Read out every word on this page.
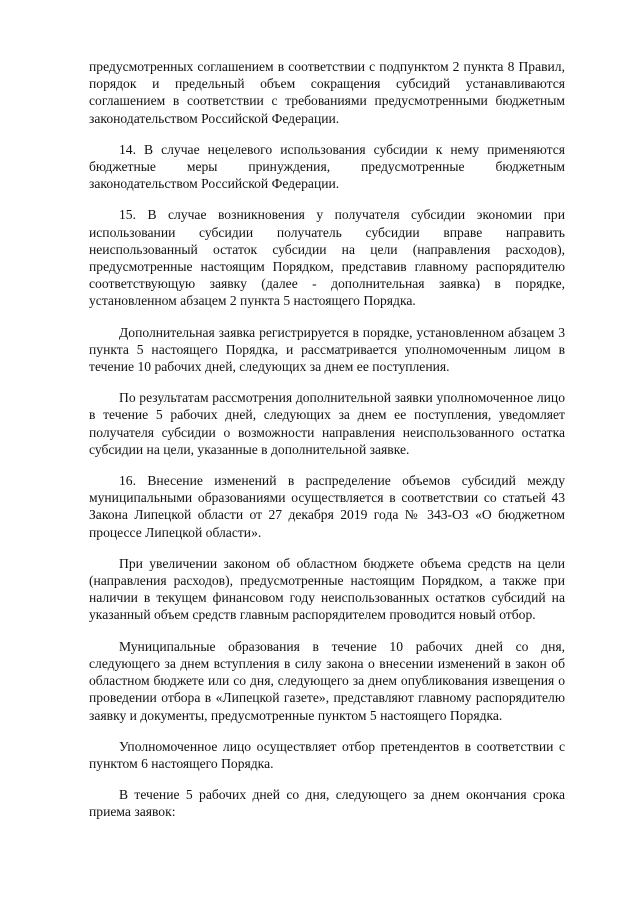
предусмотренных соглашением в соответствии с подпунктом 2 пункта 8 Правил, порядок и предельный объем сокращения субсидий устанавливаются соглашением в соответствии с требованиями предусмотренными бюджетным законодательством Российской Федерации.

14. В случае нецелевого использования субсидии к нему применяются бюджетные меры принуждения, предусмотренные бюджетным законодательством Российской Федерации.

15. В случае возникновения у получателя субсидии экономии при использовании субсидии получатель субсидии вправе направить неиспользованный остаток субсидии на цели (направления расходов), предусмотренные настоящим Порядком, представив главному распорядителю соответствующую заявку (далее - дополнительная заявка) в порядке, установленном абзацем 2 пункта 5 настоящего Порядка.

Дополнительная заявка регистрируется в порядке, установленном абзацем 3 пункта 5 настоящего Порядка, и рассматривается уполномоченным лицом в течение 10 рабочих дней, следующих за днем ее поступления.

По результатам рассмотрения дополнительной заявки уполномоченное лицо в течение 5 рабочих дней, следующих за днем ее поступления, уведомляет получателя субсидии о возможности направления неиспользованного остатка субсидии на цели, указанные в дополнительной заявке.

16. Внесение изменений в распределение объемов субсидий между муниципальными образованиями осуществляется в соответствии со статьей 43 Закона Липецкой области от 27 декабря 2019 года № 343-ОЗ «О бюджетном процессе Липецкой области».

При увеличении законом об областном бюджете объема средств на цели (направления расходов), предусмотренные настоящим Порядком, а также при наличии в текущем финансовом году неиспользованных остатков субсидий на указанный объем средств главным распорядителем проводится новый отбор.

Муниципальные образования в течение 10 рабочих дней со дня, следующего за днем вступления в силу закона о внесении изменений в закон об областном бюджете или со дня, следующего за днем опубликования извещения о проведении отбора в «Липецкой газете», представляют главному распорядителю заявку и документы, предусмотренные пунктом 5 настоящего Порядка.

Уполномоченное лицо осуществляет отбор претендентов в соответствии с пунктом 6 настоящего Порядка.

В течение 5 рабочих дней со дня, следующего за днем окончания срока приема заявок:
